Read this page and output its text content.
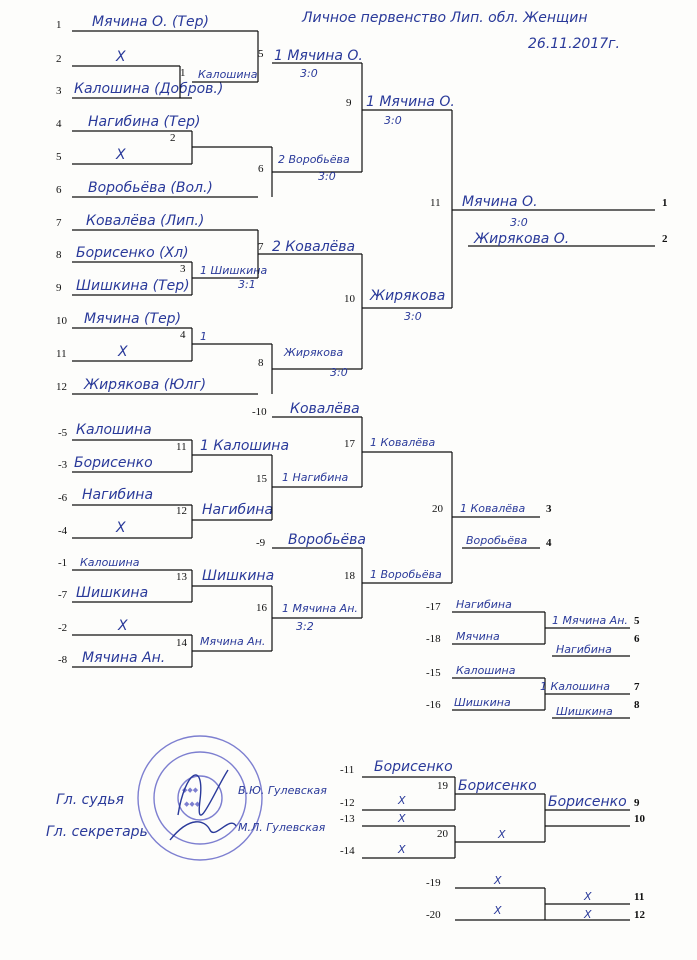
Личное первенство Лип. обл. Женщин
26.11.2017г.
1 Мячина О. (Тер)
2	Х
3 Калошина (Добров.)
4 Нагибина (Тер)
5	Х
6 Воробьёва (Вол.)
7 Ковалёва (Лип.)
8 Борисенко (Хл)
9 Шишкина (Тер)
10 Мячина (Тер)
11	Х
12 Жирякова (Юлг)
1 Калошина
2
3 1 Шишкина
3:1
4 1
5 1 Мячина О.
3:0
6
2 Воробьёва
3:0
7 2 Ковалёва
8
Жирякова
3:0
9 1 Мячина О.
3:0
10 Жирякова
3:0
11 Мячина О.
3:0
Жирякова О.
1
2
-10 Ковалёва
-9 Воробьёва
-5 Калошина
-3 Борисенко
-6 Нагибина
-4	Х
-1 Калошина
-7 Шишкина
-2	Х
-8 Мячина Ан.
11 1 Калошина
12 Нагибина
13 Шишкина
14 Мячина Ан.
15 1 Нагибина
16 1 Мячина Ан.
3:2
17 1 Ковалёва
18 1 Воробьёва
20 1 Ковалёва
Воробьёва
3
4
-17 Нагибина
-18 Мячина
1 Мячина Ан.
Нагибина
5
6
-15 Калошина
-16 Шишкина
1 Калошина
Шишкина
7
8
-11 Борисенко
-12	Х
-13	Х
-14	Х
19 Борисенко
20	Х
Борисенко 9
10
-19	Х
-20	Х
Х
Х
11
12
◆◆◆
◆◆◆
Гл. судья
В.Ю. Гулевская
Гл. секретарь	М.Л. Гулевская
